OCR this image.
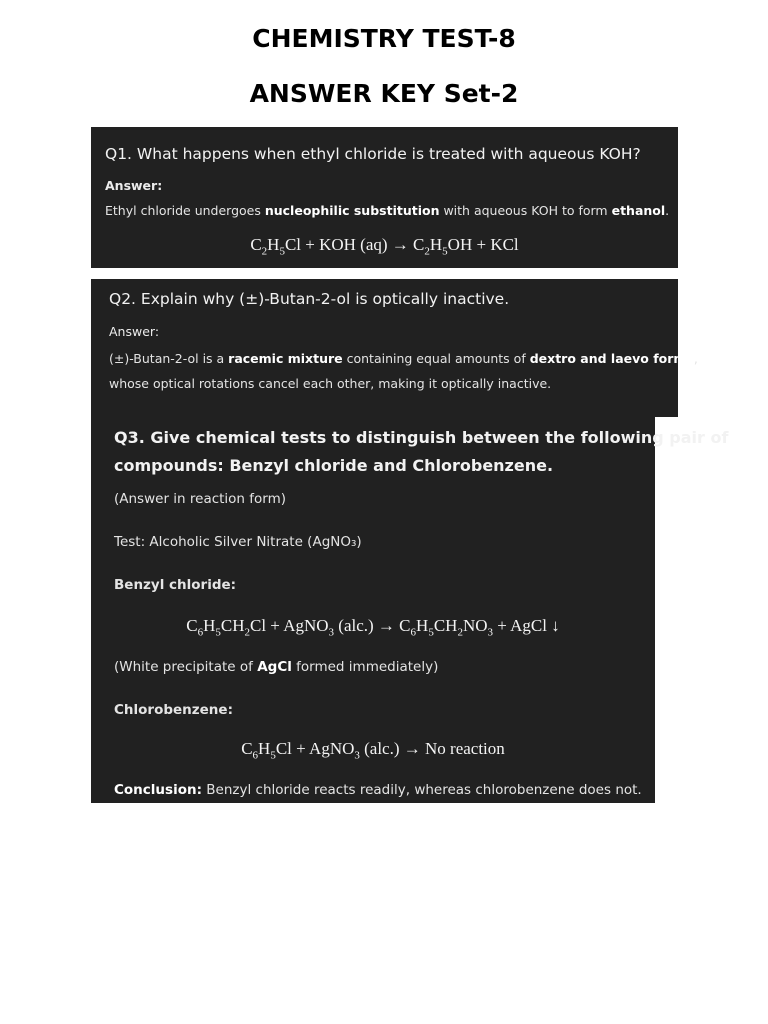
CHEMISTRY TEST-8
ANSWER KEY Set-2
Q1. What happens when ethyl chloride is treated with aqueous KOH?
Answer:
Ethyl chloride undergoes nucleophilic substitution with aqueous KOH to form ethanol.
$C_2H_5Cl$ + KOH $(aq) \to C_2H_5OH$ + KCl
Q2. Explain why (±)-Butan-2-ol is optically inactive.
Answer:
(±)-Butan-2-ol is a racemic mixture containing equal amounts of dextro and laevo forms,
whose optical rotations cancel each other, making it optically inactive.
Q3. Give chemical tests to distinguish between the following pair of
compounds: Benzyl chloride and Chlorobenzene.
(Answer in reaction form)
Test: Alcoholic Silver Nitrate (AgNO₃)
Benzyl chloride:
$C_6H_5CH_2Cl$ + AgNO$_3$ $(alc.) \to C_6H_5CH_2NO_3$ + AgCl ↓
(White precipitate of AgCl formed immediately)
Chlorobenzene:
$C_6H_5Cl$ + AgNO$_3$ (alc.) → No reaction
Conclusion: Benzyl chloride reacts readily, whereas chlorobenzene does not.
